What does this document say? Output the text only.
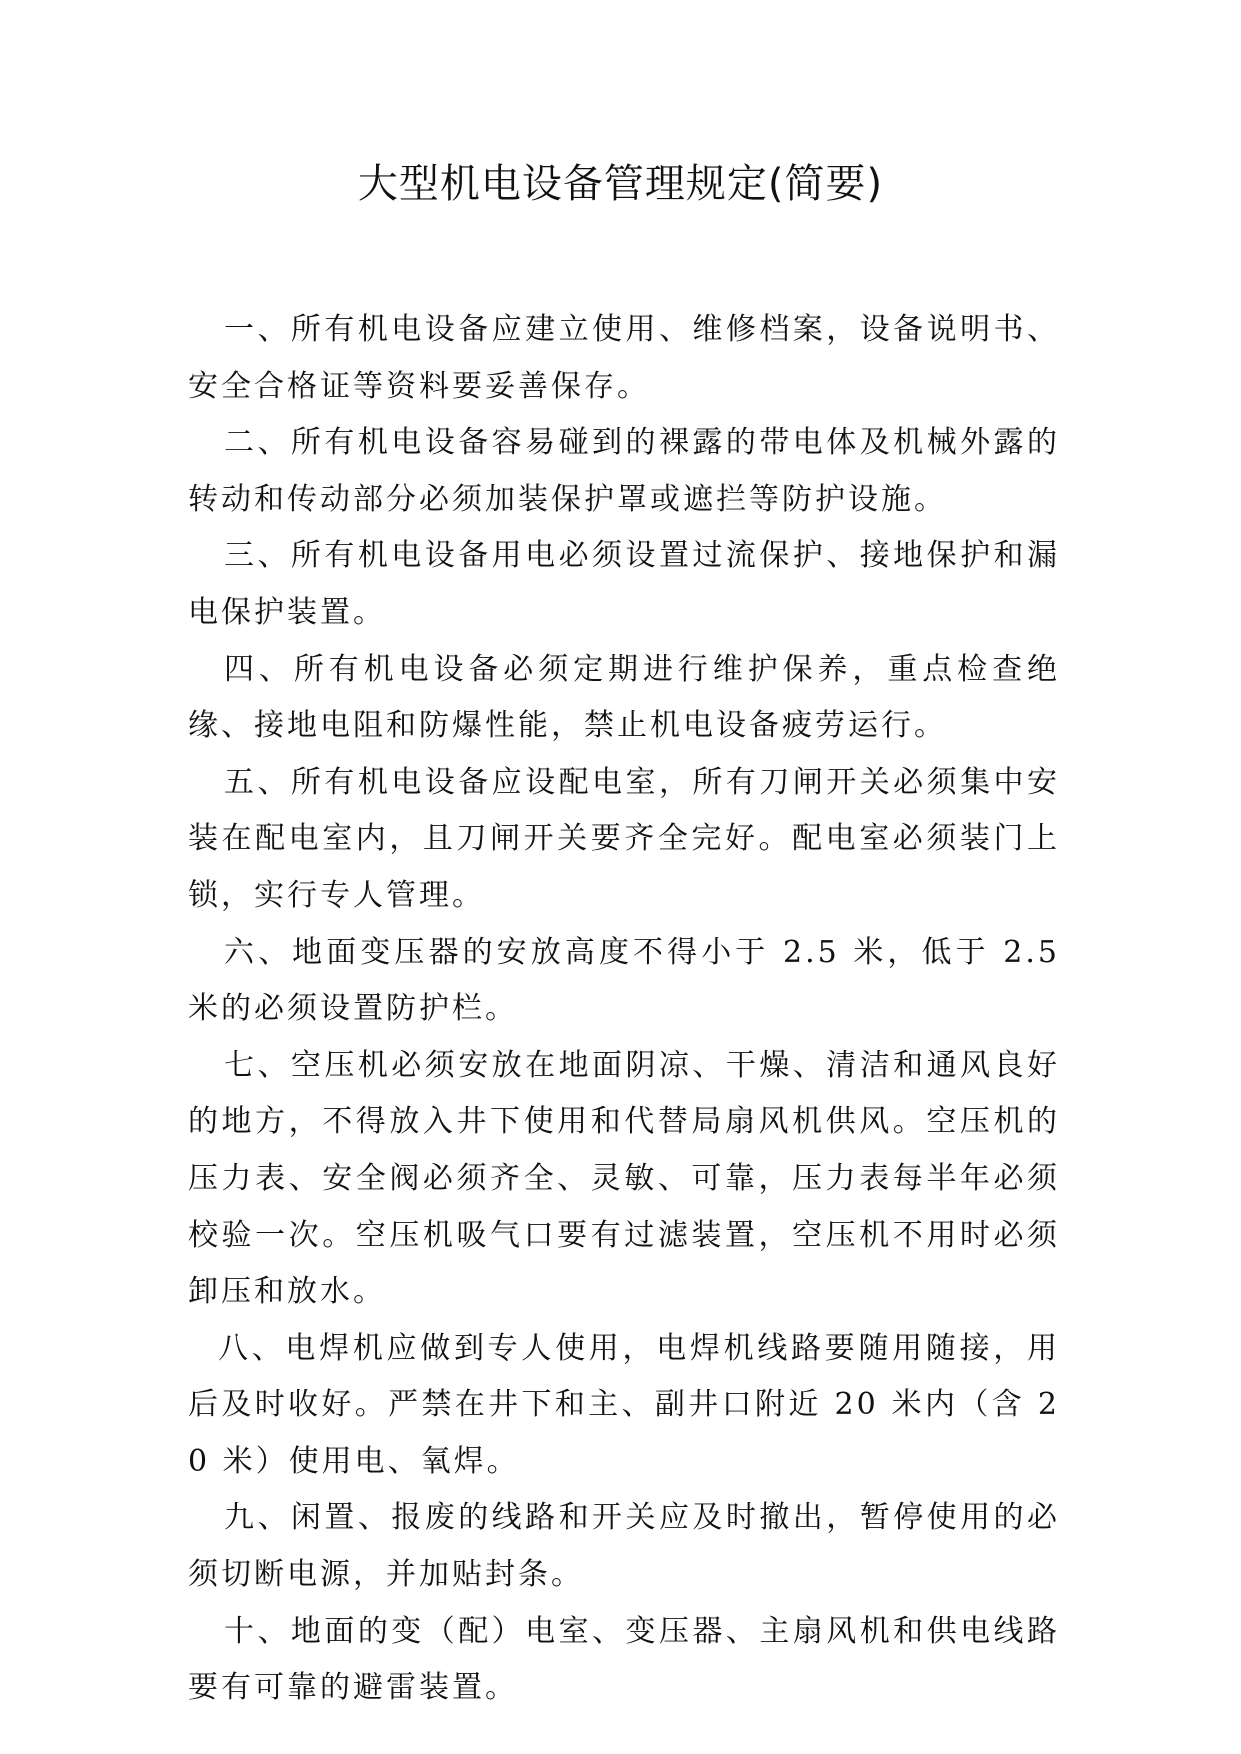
大型机电设备管理规定(简要)

一、所有机电设备应建立使用、维修档案，设备说明书、安全合格证等资料要妥善保存。

二、所有机电设备容易碰到的裸露的带电体及机械外露的转动和传动部分必须加装保护罩或遮拦等防护设施。

三、所有机电设备用电必须设置过流保护、接地保护和漏电保护装置。

四、所有机电设备必须定期进行维护保养，重点检查绝缘、接地电阻和防爆性能，禁止机电设备疲劳运行。

五、所有机电设备应设配电室，所有刀闸开关必须集中安装在配电室内，且刀闸开关要齐全完好。配电室必须装门上锁，实行专人管理。

六、地面变压器的安放高度不得小于 2.5 米，低于 2.5 米的必须设置防护栏。

七、空压机必须安放在地面阴凉、干燥、清洁和通风良好的地方，不得放入井下使用和代替局扇风机供风。空压机的压力表、安全阀必须齐全、灵敏、可靠，压力表每半年必须校验一次。空压机吸气口要有过滤装置，空压机不用时必须卸压和放水。

八、电焊机应做到专人使用，电焊机线路要随用随接，用后及时收好。严禁在井下和主、副井口附近 20 米内（含 20 米）使用电、氧焊。

九、闲置、报废的线路和开关应及时撤出，暂停使用的必须切断电源，并加贴封条。

十、地面的变（配）电室、变压器、主扇风机和供电线路要有可靠的避雷装置。
